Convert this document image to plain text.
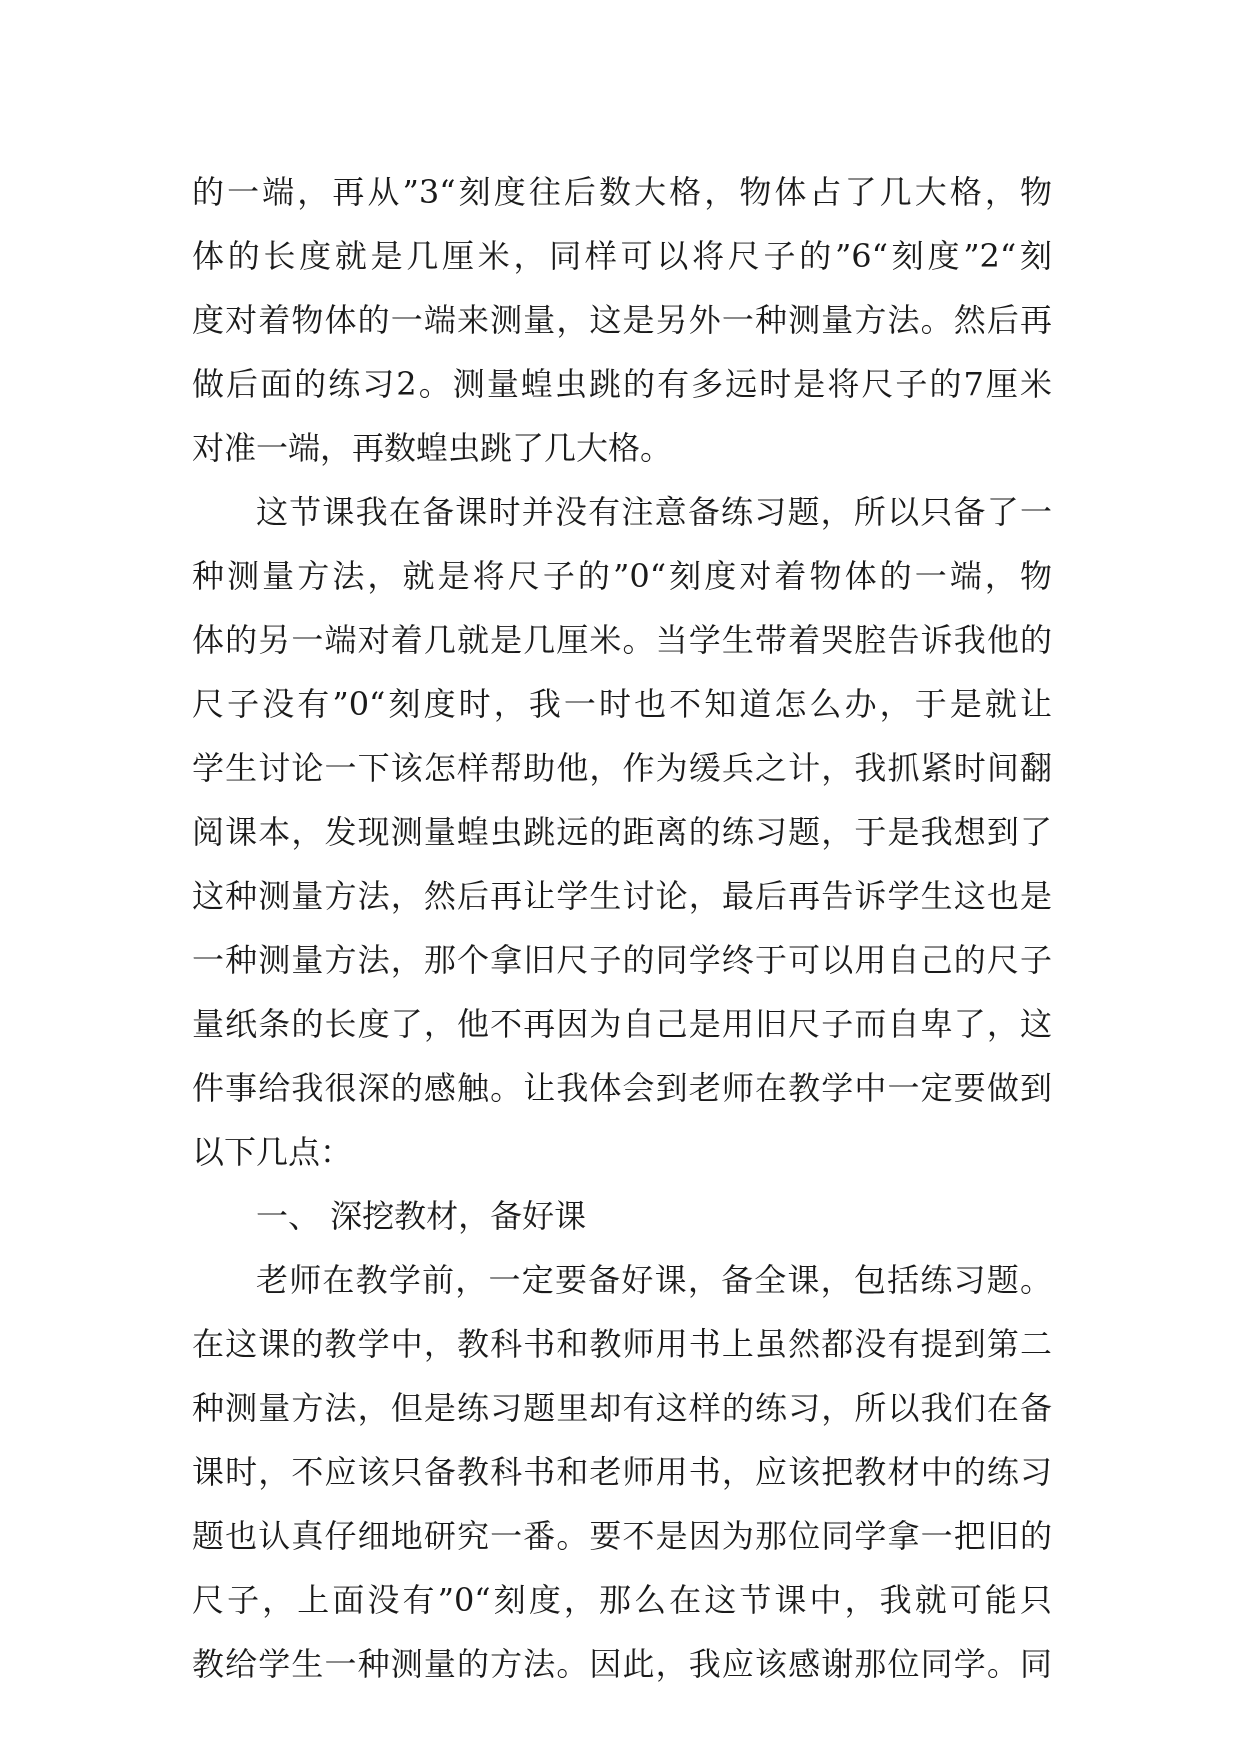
的一端，再从”3“刻度往后数大格，物体占了几大格，物
体的长度就是几厘米，同样可以将尺子的”6“刻度”2“刻
度对着物体的一端来测量，这是另外一种测量方法。然后再
做后面的练习2。测量蝗虫跳的有多远时是将尺子的7厘米
对准一端，再数蝗虫跳了几大格。
这节课我在备课时并没有注意备练习题，所以只备了一
种测量方法，就是将尺子的”0“刻度对着物体的一端，物
体的另一端对着几就是几厘米。当学生带着哭腔告诉我他的
尺子没有”0“刻度时，我一时也不知道怎么办，于是就让
学生讨论一下该怎样帮助他，作为缓兵之计，我抓紧时间翻
阅课本，发现测量蝗虫跳远的距离的练习题，于是我想到了
这种测量方法，然后再让学生讨论，最后再告诉学生这也是
一种测量方法，那个拿旧尺子的同学终于可以用自己的尺子
量纸条的长度了，他不再因为自己是用旧尺子而自卑了，这
件事给我很深的感触。让我体会到老师在教学中一定要做到
以下几点：
一、 深挖教材，备好课
老师在教学前，一定要备好课，备全课，包括练习题。
在这课的教学中，教科书和教师用书上虽然都没有提到第二
种测量方法，但是练习题里却有这样的练习，所以我们在备
课时，不应该只备教科书和老师用书，应该把教材中的练习
题也认真仔细地研究一番。要不是因为那位同学拿一把旧的
尺子，上面没有”0“刻度，那么在这节课中，我就可能只
教给学生一种测量的方法。因此，我应该感谢那位同学。同
